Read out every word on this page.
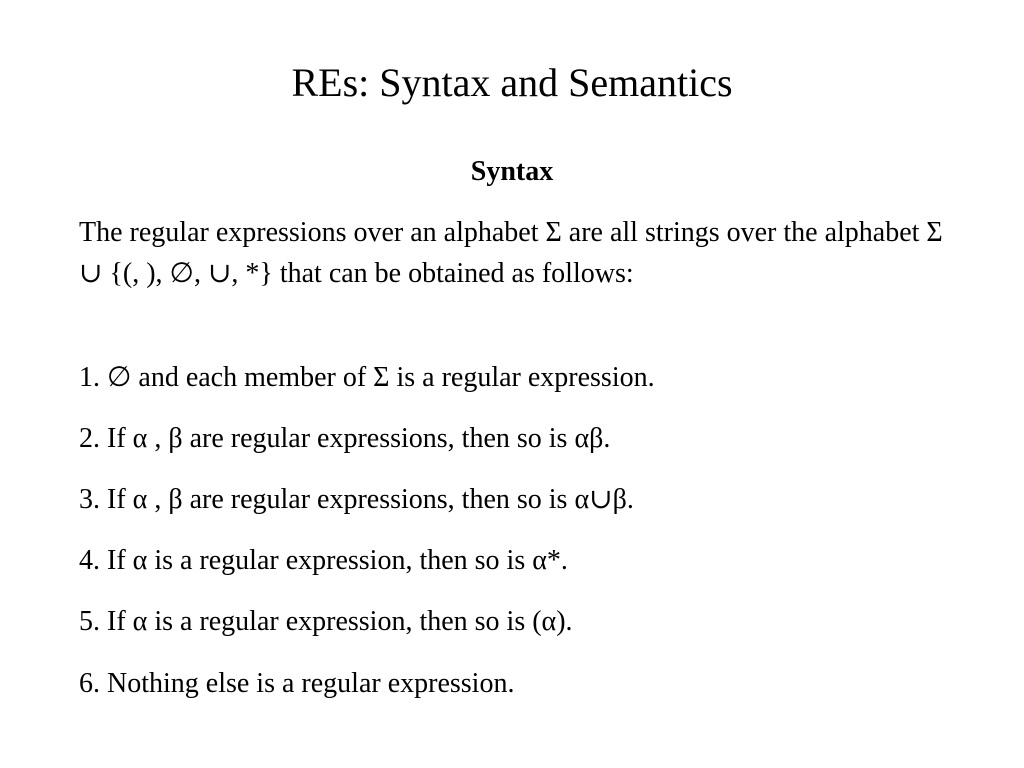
REs: Syntax and Semantics
Syntax

The regular expressions over an alphabet Σ are all strings over the alphabet Σ ∪ {(, ), ∅, ∪, *} that can be obtained as follows:

1. ∅ and each member of Σ is a regular expression.

2. If α , β are regular expressions, then so is αβ.

3. If α , β are regular expressions, then so is α∪β.

4. If α is a regular expression, then so is α*.

5. If α is a regular expression, then so is (α).

6. Nothing else is a regular expression.
